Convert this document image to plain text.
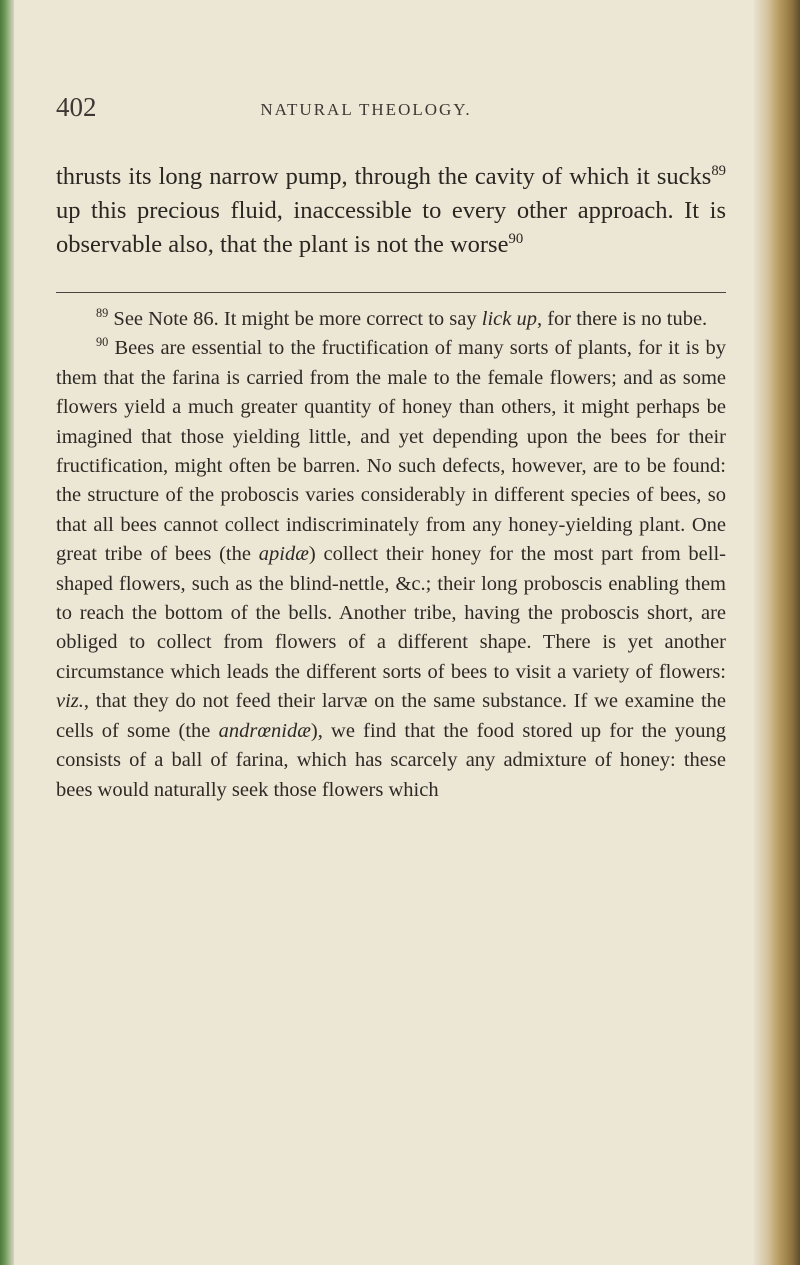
402	NATURAL THEOLOGY.
thrusts its long narrow pump, through the cavity of which it sucks$^{89}$ up this precious fluid, inaccessible to every other approach. It is observable also, that the plant is not the worse$^{90}$

$^{89}$ See Note 86. It might be more correct to say lick up, for there is no tube.

$^{90}$ Bees are essential to the fructification of many sorts of plants, for it is by them that the farina is carried from the male to the female flowers; and as some flowers yield a much greater quantity of honey than others, it might perhaps be imagined that those yielding little, and yet depending upon the bees for their fructification, might often be barren. No such defects, however, are to be found: the structure of the proboscis varies considerably in different species of bees, so that all bees cannot collect indiscriminately from any honey-yielding plant. One great tribe of bees (the apidæ) collect their honey for the most part from bell-shaped flowers, such as the blind-nettle, &c.; their long proboscis enabling them to reach the bottom of the bells. Another tribe, having the proboscis short, are obliged to collect from flowers of a different shape. There is yet another circumstance which leads the different sorts of bees to visit a variety of flowers: viz., that they do not feed their larvæ on the same substance. If we examine the cells of some (the andrœnidæ), we find that the food stored up for the young consists of a ball of farina, which has scarcely any admixture of honey: these bees would naturally seek those flowers which
